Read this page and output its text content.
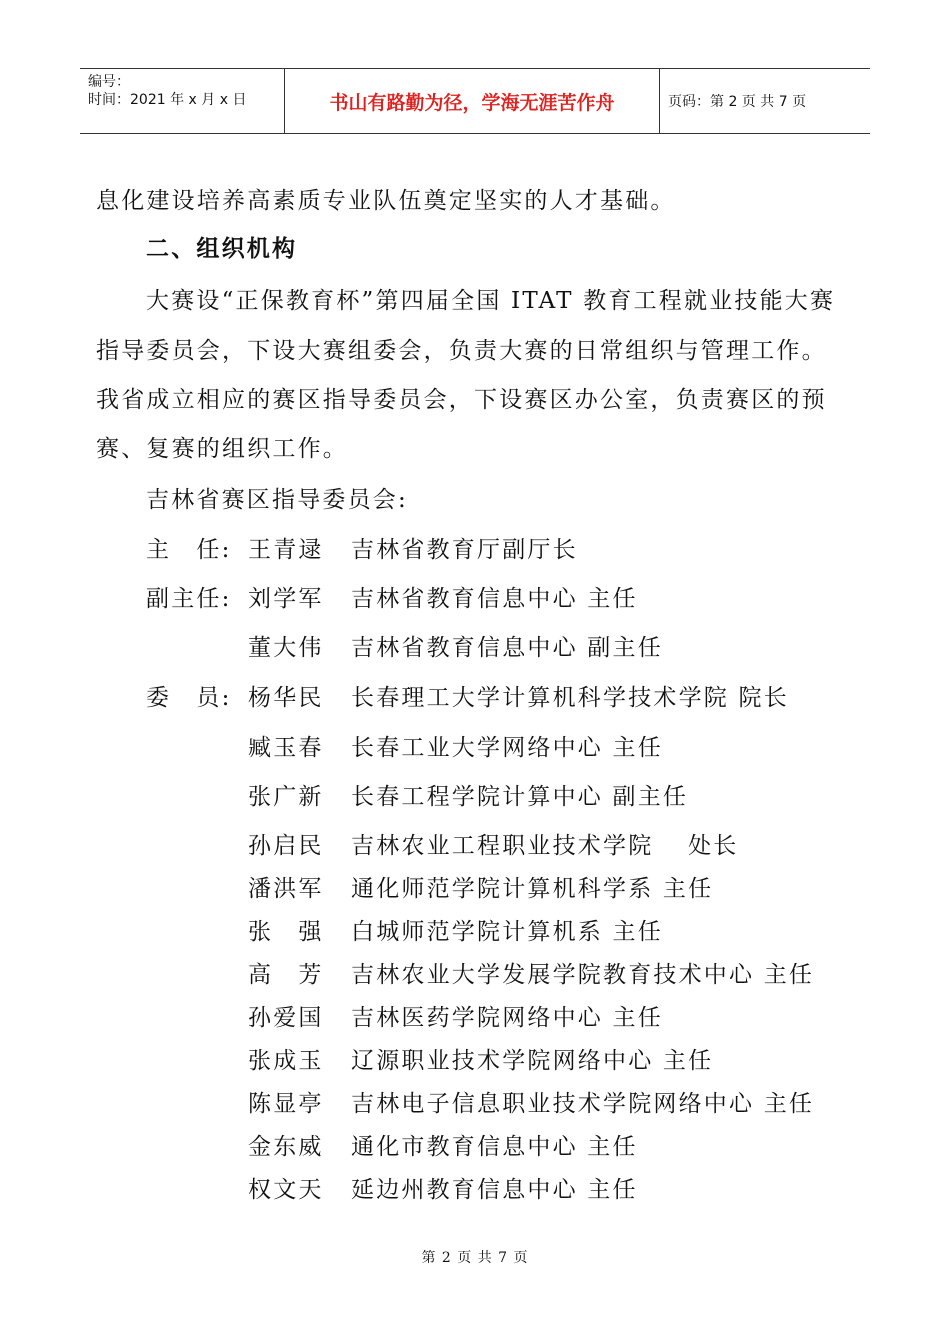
编号：
时间：2021 年 x 月 x 日	书山有路勤为径，学海无涯苦作舟	页码：第 2 页 共 7 页
息化建设培养高素质专业队伍奠定坚实的人才基础。
二、组织机构
大赛设“正保教育杯”第四届全国 ITAT 教育工程就业技能大赛
指导委员会，下设大赛组委会，负责大赛的日常组织与管理工作。
我省成立相应的赛区指导委员会，下设赛区办公室，负责赛区的预
赛、复赛的组织工作。
吉林省赛区指导委员会:
主　任: 王青逯 吉林省教育厅副厅长
副主任: 刘学军 吉林省教育信息中心 主任
董大伟 吉林省教育信息中心 副主任
委　员: 杨华民 长春理工大学计算机科学技术学院 院长
臧玉春 长春工业大学网络中心 主任
张广新 长春工程学院计算中心 副主任
孙启民 吉林农业工程职业技术学院　 处长
潘洪军 通化师范学院计算机科学系 主任
张　强 白城师范学院计算机系 主任
高　芳 吉林农业大学发展学院教育技术中心 主任
孙爱国 吉林医药学院网络中心 主任
张成玉 辽源职业技术学院网络中心 主任
陈显亭 吉林电子信息职业技术学院网络中心 主任
金东威 通化市教育信息中心 主任
权文天 延边州教育信息中心 主任
第 2 页 共 7 页
